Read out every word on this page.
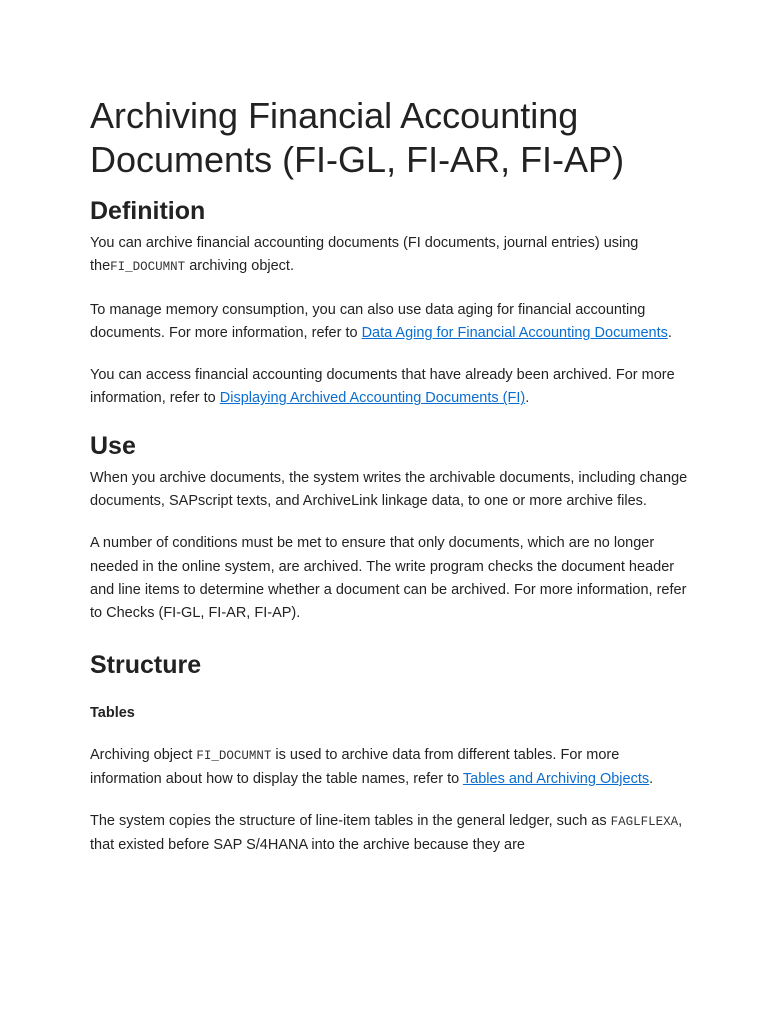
Archiving Financial Accounting Documents (FI-GL, FI-AR, FI-AP)
Definition

You can archive financial accounting documents (FI documents, journal entries) using theFI_DOCUMNT archiving object.

To manage memory consumption, you can also use data aging for financial accounting documents. For more information, refer to Data Aging for Financial Accounting Documents.

You can access financial accounting documents that have already been archived. For more information, refer to Displaying Archived Accounting Documents (FI).

Use

When you archive documents, the system writes the archivable documents, including change documents, SAPscript texts, and ArchiveLink linkage data, to one or more archive files.

A number of conditions must be met to ensure that only documents, which are no longer needed in the online system, are archived. The write program checks the document header and line items to determine whether a document can be archived. For more information, refer to Checks (FI-GL, FI-AR, FI-AP).

Structure
Tables

Archiving object FI_DOCUMNT is used to archive data from different tables. For more information about how to display the table names, refer to Tables and Archiving Objects.

The system copies the structure of line-item tables in the general ledger, such as FAGLFLEXA, that existed before SAP S/4HANA into the archive because they are
